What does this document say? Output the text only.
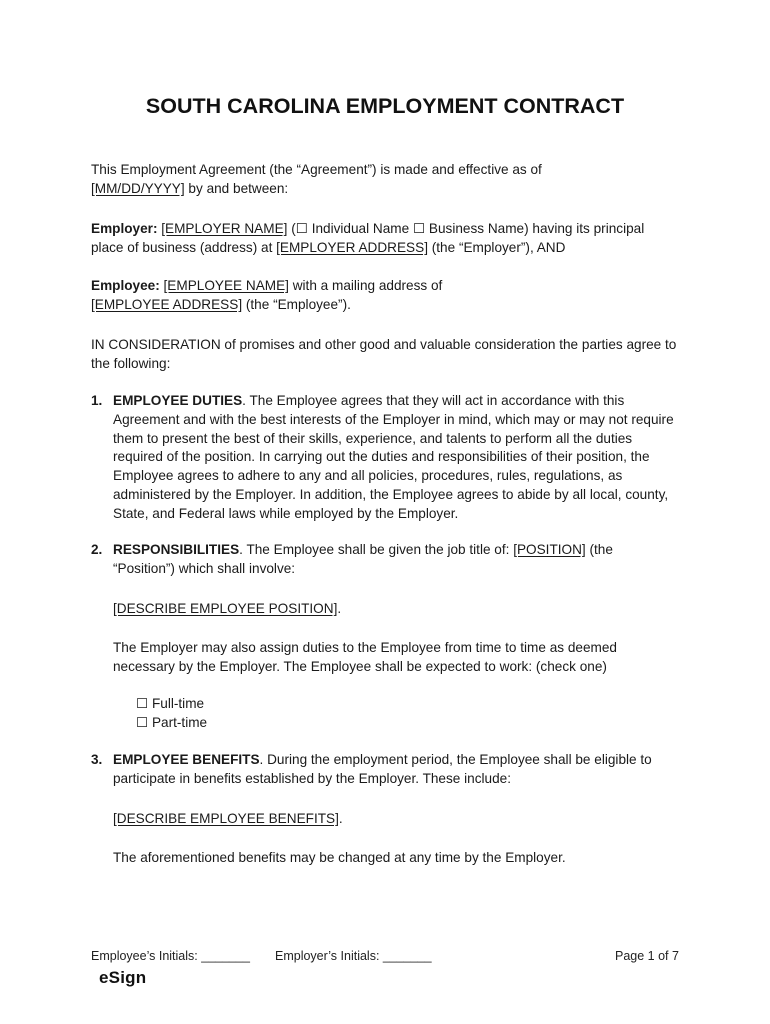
SOUTH CAROLINA EMPLOYMENT CONTRACT
This Employment Agreement (the “Agreement”) is made and effective as of
[MM/DD/YYYY] by and between:
Employer: [EMPLOYER NAME] (☐ Individual Name ☐ Business Name) having its principal
place of business (address) at [EMPLOYER ADDRESS] (the “Employer”), AND
Employee: [EMPLOYEE NAME] with a mailing address of
[EMPLOYEE ADDRESS] (the “Employee”).
IN CONSIDERATION of promises and other good and valuable consideration the parties agree to the following:
1. EMPLOYEE DUTIES. The Employee agrees that they will act in accordance with this Agreement and with the best interests of the Employer in mind, which may or may not require them to present the best of their skills, experience, and talents to perform all the duties required of the position. In carrying out the duties and responsibilities of their position, the Employee agrees to adhere to any and all policies, procedures, rules, regulations, as administered by the Employer. In addition, the Employee agrees to abide by all local, county, State, and Federal laws while employed by the Employer.
2. RESPONSIBILITIES. The Employee shall be given the job title of: [POSITION] (the “Position”) which shall involve:
[DESCRIBE EMPLOYEE POSITION].
The Employer may also assign duties to the Employee from time to time as deemed necessary by the Employer. The Employee shall be expected to work: (check one)
☐ Full-time
☐ Part-time
3. EMPLOYEE BENEFITS. During the employment period, the Employee shall be eligible to participate in benefits established by the Employer. These include:
[DESCRIBE EMPLOYEE BENEFITS].
The aforementioned benefits may be changed at any time by the Employer.
Employee’s Initials: _______ Employer’s Initials: _______	Page 1 of 7
eSign
